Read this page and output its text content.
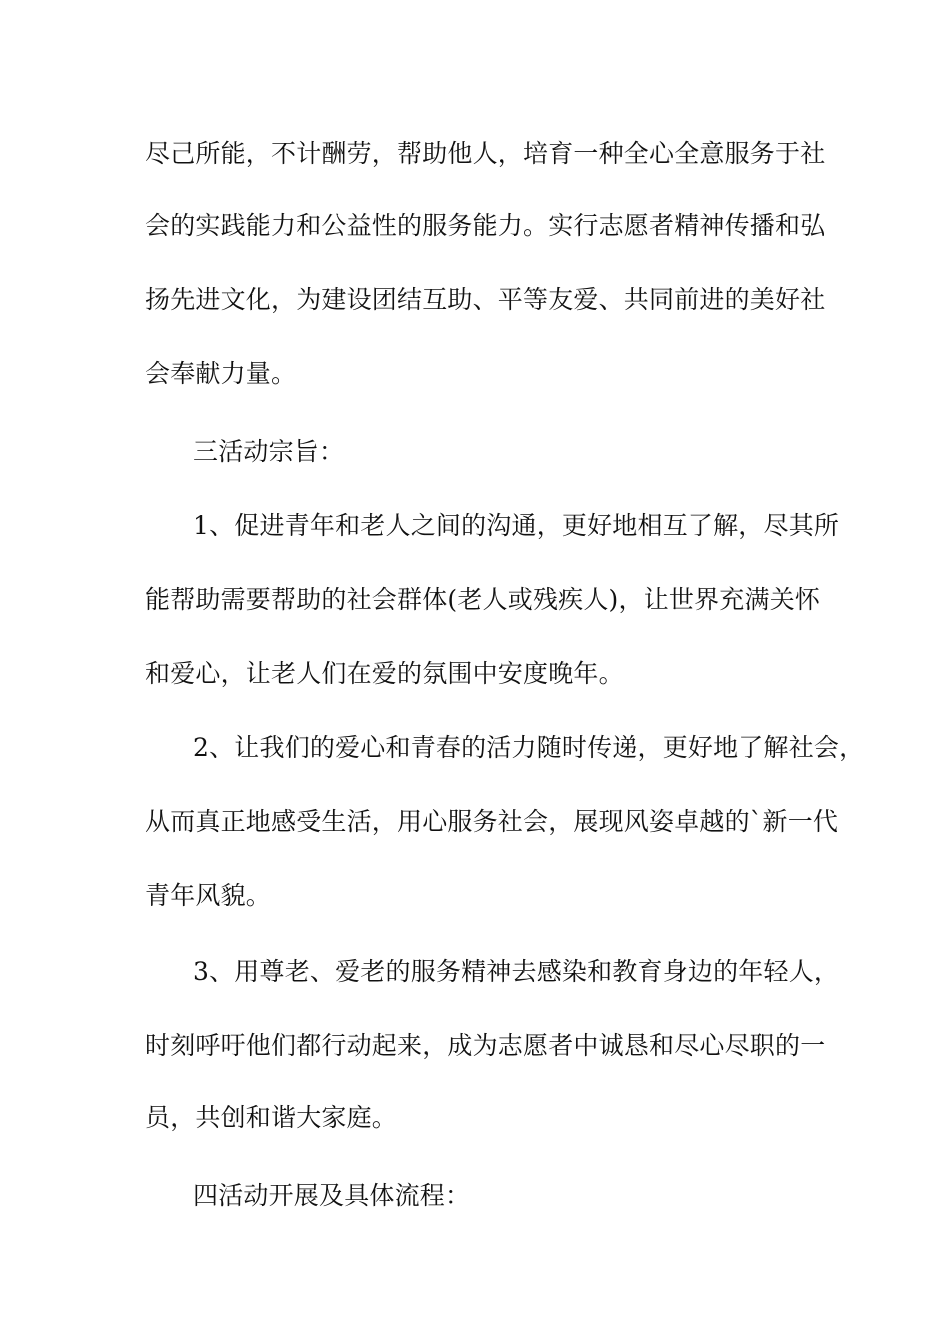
尽己所能，不计酬劳，帮助他人，培育一种全心全意服务于社
会的实践能力和公益性的服务能力。实行志愿者精神传播和弘
扬先进文化，为建设团结互助、平等友爱、共同前进的美好社
会奉献力量。
三活动宗旨：
1、促进青年和老人之间的沟通，更好地相互了解，尽其所
能帮助需要帮助的社会群体(老人或残疾人)，让世界充满关怀
和爱心，让老人们在爱的氛围中安度晚年。
2、让我们的爱心和青春的活力随时传递，更好地了解社会，
从而真正地感受生活，用心服务社会，展现风姿卓越的`新一代
青年风貌。
3、用尊老、爱老的服务精神去感染和教育身边的年轻人，
时刻呼吁他们都行动起来，成为志愿者中诚恳和尽心尽职的一
员，共创和谐大家庭。
四活动开展及具体流程：
